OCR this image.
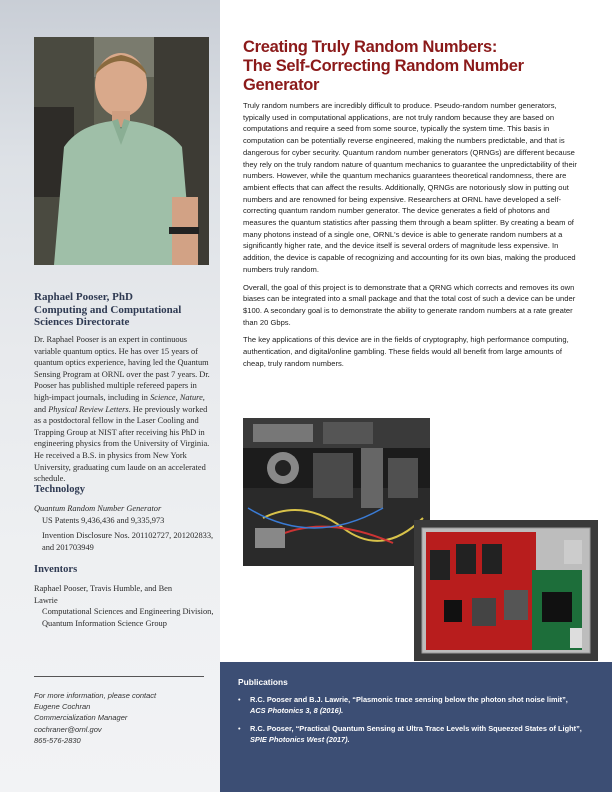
Raphael Pooser, PhD
Computing and Computational
Sciences Directorate
Dr. Raphael Pooser is an expert in continuous variable quantum optics. He has over 15 years of quantum optics experience, having led the Quantum Sensing Program at ORNL over the past 7 years. Dr. Pooser has published multiple refereed papers in high-impact journals, including in Science, Nature, and Physical Review Letters. He previously worked as a postdoctoral fellow in the Laser Cooling and Trapping Group at NIST after receiving his PhD in engineering physics from the University of Virginia. He received a B.S. in physics from New York University, graduating cum laude on an accelerated schedule.
Technology
Quantum Random Number Generator
US Patents 9,436,436 and 9,335,973
Invention Disclosure Nos. 201102727, 201202833, and 201703949
Inventors
Raphael Pooser, Travis Humble, and Ben Lawrie
Computational Sciences and Engineering Division, Quantum Information Science Group
For more information, please contact
Eugene Cochran
Commercialization Manager
cochraner@ornl.gov
865-576-2830
Creating Truly Random Numbers:
The Self-Correcting Random Number Generator

Truly random numbers are incredibly difficult to produce. Pseudo-random number generators, typically used in computational applications, are not truly random because they are based on computations and require a seed from some source, typically the system time. This basis in computation can be potentially reverse engineered, making the numbers predictable, and that is dangerous for cyber security. Quantum random number generators (QRNGs) are different because they rely on the truly random nature of quantum mechanics to guarantee the unpredictability of their numbers. However, while the quantum mechanics guarantees theoretical randomness, there are ambient effects that can affect the results. Additionally, QRNGs are notoriously slow in putting out numbers and are renowned for being expensive. Researchers at ORNL have developed a self-correcting quantum random number generator. The device generates a field of photons and measures the quantum statistics after passing them through a beam splitter. By creating a beam of many photons instead of a single one, ORNL's device is able to generate random numbers at a significantly higher rate, and the device itself is several orders of magnitude less expensive. In addition, the device is capable of recognizing and accounting for its own bias, making the produced numbers truly random.

Overall, the goal of this project is to demonstrate that a QRNG which corrects and removes its own biases can be integrated into a small package and that the total cost of such a device can be under $100. A secondary goal is to demonstrate the ability to generate random numbers at a rate greater than 20 Gbps.

The key applications of this device are in the fields of cryptography, high performance computing, authentication, and digital/online gambling. These fields would all benefit from large amounts of cheap, truly random numbers.

Publications
• R.C. Pooser and B.J. Lawrie, “Plasmonic trace sensing below the photon shot noise limit”,
ACS Photonics 3, 8 (2016).
• R.C. Pooser, “Practical Quantum Sensing at Ultra Trace Levels with Squeezed States of Light”,
SPIE Photonics West (2017).
